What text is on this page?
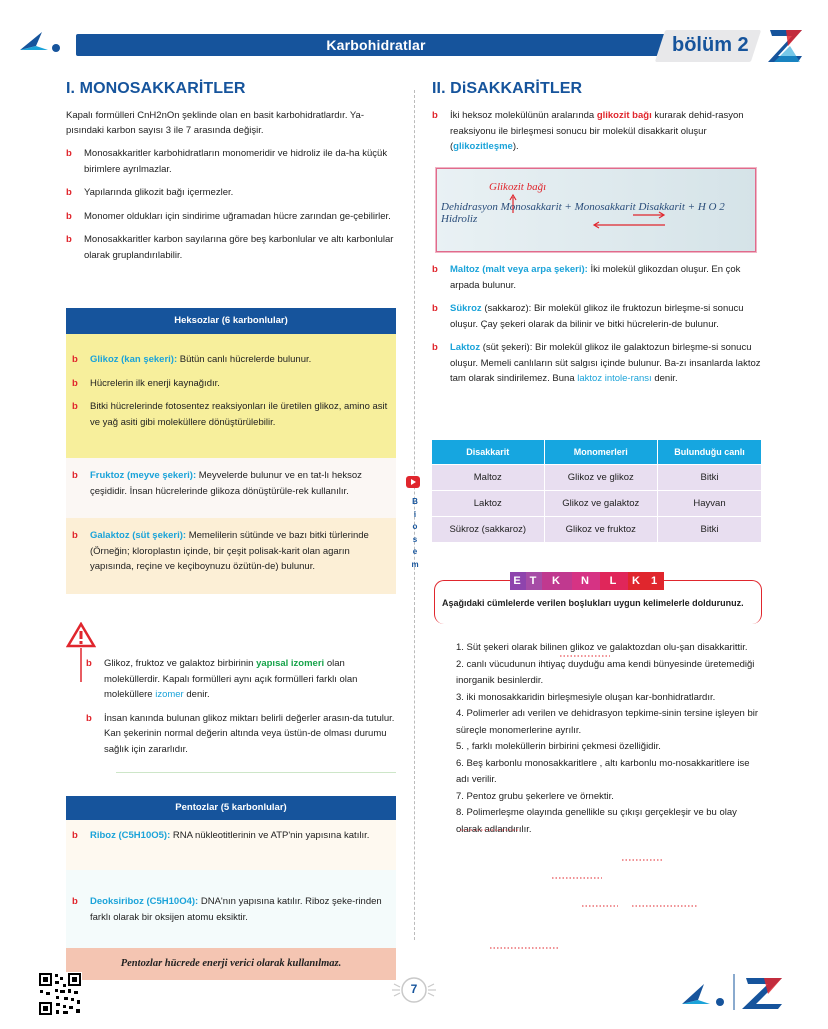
Karbohidratlar	bölüm 2
I. MONOSAKKARİTLER
Kapalı formülleri CnH2nOn şeklinde olan en basit karbohidratlardır. Ya-pısındaki karbon sayısı 3 ile 7 arasında değişir.
b Monosakkaritler karbohidratların monomeridir ve hidroliz ile da-ha küçük birimlere ayrılmazlar.
b Yapılarında glikozit bağı içermezler.
b Monomer oldukları için sindirime uğramadan hücre zarından ge-çebilirler.
b Monosakkaritler karbon sayılarına göre beş karbonlular ve altı karbonlular olarak gruplandırılabilir.
Heksozlar (6 karbonlular)
b Glikoz (kan şekeri): Bütün canlı hücrelerde bulunur.
b Hücrelerin ilk enerji kaynağıdır.
b Bitki hücrelerinde fotosentez reaksiyonları ile üretilen glikoz, amino asit ve yağ asiti gibi moleküllere dönüştürülebilir.
b Fruktoz (meyve şekeri): Meyvelerde bulunur ve en tat-lı heksoz çeşididir. İnsan hücrelerinde glikoza dönüştürüle-rek kullanılır.
b Galaktoz (süt şekeri): Memelilerin sütünde ve bazı bitki türlerinde (Örneğin; kloroplastın içinde, bir çeşit polisak-karit olan agarın yapısında, reçine ve keçiboynuzu özütün-de) bulunur.
b Glikoz, fruktoz ve galaktoz birbirinin yapısal izomeri olan moleküllerdir. Kapalı formülleri aynı açık formülleri farklı olan moleküllere izomer denir.
b İnsan kanında bulunan glikoz miktarı belirli değerler arasın-da tutulur. Kan şekerinin normal değerin altında veya üstün-de olması durumu sağlık için zararlıdır.
Pentozlar (5 karbonlular)
b Riboz (C5H10O5): RNA nükleotitlerinin ve ATP'nin yapısına katılır.
b Deoksiriboz (C5H10O4): DNA'nın yapısına katılır. Riboz şeke-rinden farklı olarak bir oksijen atomu eksiktir.
Pentozlar hücrede enerji verici olarak kullanılmaz.
II. DiSAKKARİTLER
b İki heksoz molekülünün aralarında glikozit bağı kurarak dehid-rasyon reaksiyonu ile birleşmesi sonucu bir molekül disakkarit oluşur (glikozitleşme).
Glikozit bağı
Dehidrasyon Monosakkarit + Monosakkarit Disakkarit + H O 2
Hidroliz
b Maltoz (malt veya arpa şekeri): İki molekül glikozdan oluşur. En çok arpada bulunur.
b Sükroz (sakkaroz): Bir molekül glikoz ile fruktozun birleşme-si sonucu oluşur. Çay şekeri olarak da bilinir ve bitki hücrelerin-de bulunur.
b Laktoz (süt şekeri): Bir molekül glikoz ile galaktozun birleşme-si sonucu oluşur. Memeli canlıların süt salgısı içinde bulunur. Ba-zı insanlarda laktoz tam olarak sindirilemez. Buna laktoz intole-ransı denir.
Disakkarit	Monomerleri	Bulunduğu canlı
Maltoz	Glikoz ve glikoz	Bitki
Laktoz	Glikoz ve galaktoz	Hayvan
Sükroz (sakkaroz)	Glikoz ve fruktoz	Bitki
B
i
o
s
e
m
E T	K	N	L	K 1
Aşağıdaki cümlelerde verilen boşlukları uygun kelimelerle doldurunuz.
1. Süt şekeri olarak bilinen glikoz ve galaktozdan olu-şan disakkarittir.
2. canlı vücudunun ihtiyaç duyduğu ama kendi bünyesinde üretemediği inorganik besinlerdir.
3. iki monosakkaridin birleşmesiyle oluşan kar-bonhidratlardır.
4. Polimerler adı verilen ve dehidrasyon tepkime-sinin tersine işleyen bir süreçle monomerlerine ayrılır.
5. , farklı moleküllerin birbirini çekmesi özelliğidir.
6. Beş karbonlu monosakkaritlere , altı karbonlu mo-nosakkaritlere ise adı verilir.
7. Pentoz grubu şekerlere ve örnektir.
8. Polimerleşme olayında genellikle su çıkışı gerçekleşir ve bu olay olarak adlandırılır.
7
